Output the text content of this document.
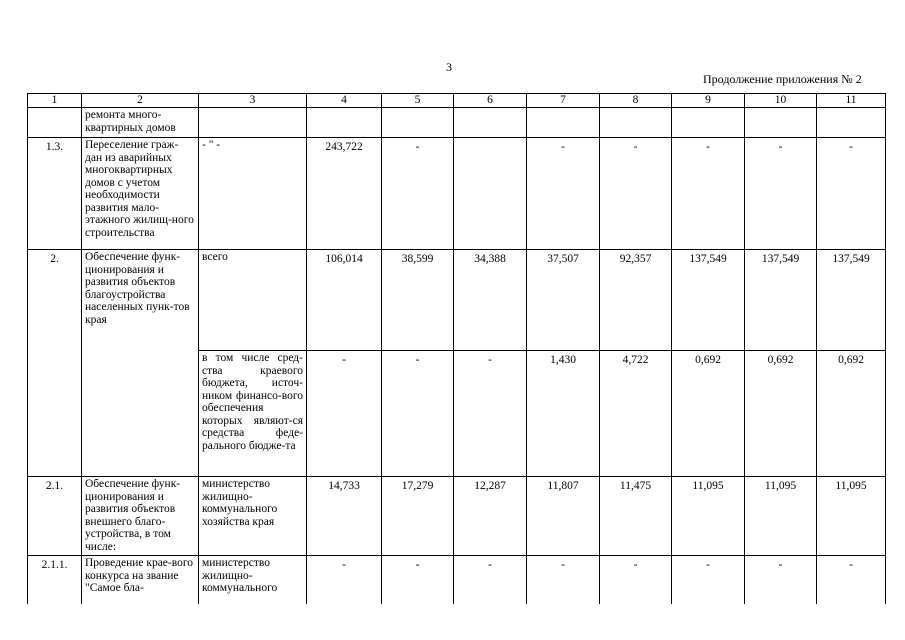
3
Продолжение приложения № 2
1	2	3	4	5	6	7	8	9	10	11
	ремонта много-квартирных домов									
1.3.	Переселение граж-дан из аварийных многоквартирных домов с учетом необходимости развития мало-этажного жилищ-ного строительства	- " -	243,722	-		-	-	-	-	-
2.	Обеспечение функ-ционирования и развития объектов благоустройства населенных пунк-тов края	всего	106,014	38,599	34,388	37,507	92,357	137,549	137,549	137,549
		в том числе сред-ства краевого бюджета, источ-ником финансо-вого обеспечения которых являют-ся средства феде-рального бюдже-та	-	-	-	1,430	4,722	0,692	0,692	0,692
2.1.	Обеспечение функ-ционирования и развития объектов внешнего благо-устройства, в том числе:	министерство жилищно-коммунального хозяйства края	14,733	17,279	12,287	11,807	11,475	11,095	11,095	11,095
2.1.1.	Проведение крае-вого конкурса на звание "Самое бла-	министерство жилищно-коммунального	-	-	-	-	-	-	-	-
